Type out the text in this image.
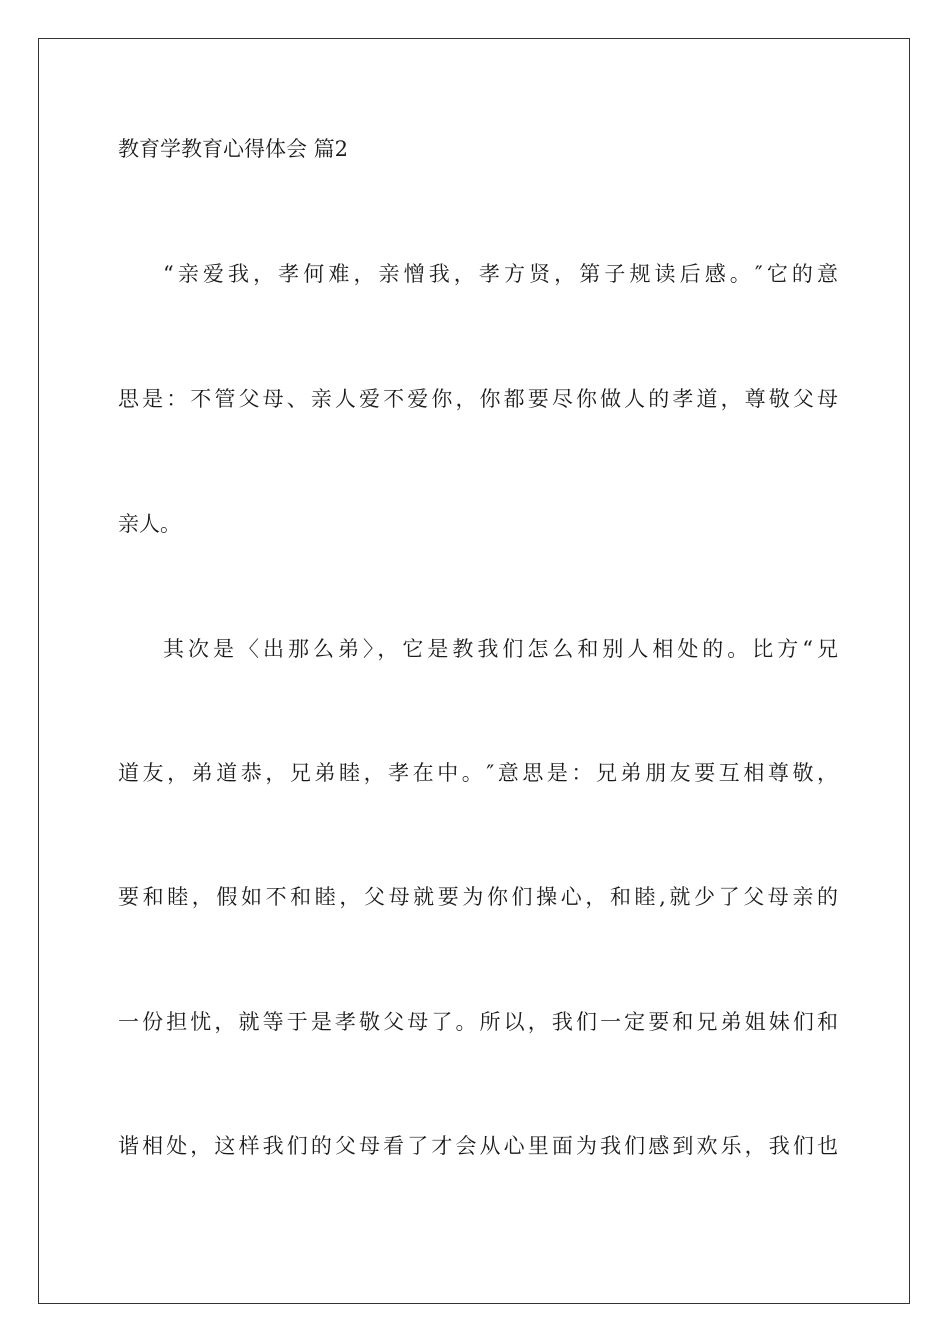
教育学教育心得体会 篇2
“亲爱我，孝何难，亲憎我，孝方贤，第子规读后感。″它的意
思是：不管父母、亲人爱不爱你，你都要尽你做人的孝道，尊敬父母
亲人。
其次是〈出那么弟〉，它是教我们怎么和别人相处的。比方“兄
道友，弟道恭，兄弟睦，孝在中。″意思是：兄弟朋友要互相尊敬，
要和睦，假如不和睦，父母就要为你们操心，和睦,就少了父母亲的
一份担忧，就等于是孝敬父母了。所以，我们一定要和兄弟姐妹们和
谐相处，这样我们的父母看了才会从心里面为我们感到欢乐，我们也
